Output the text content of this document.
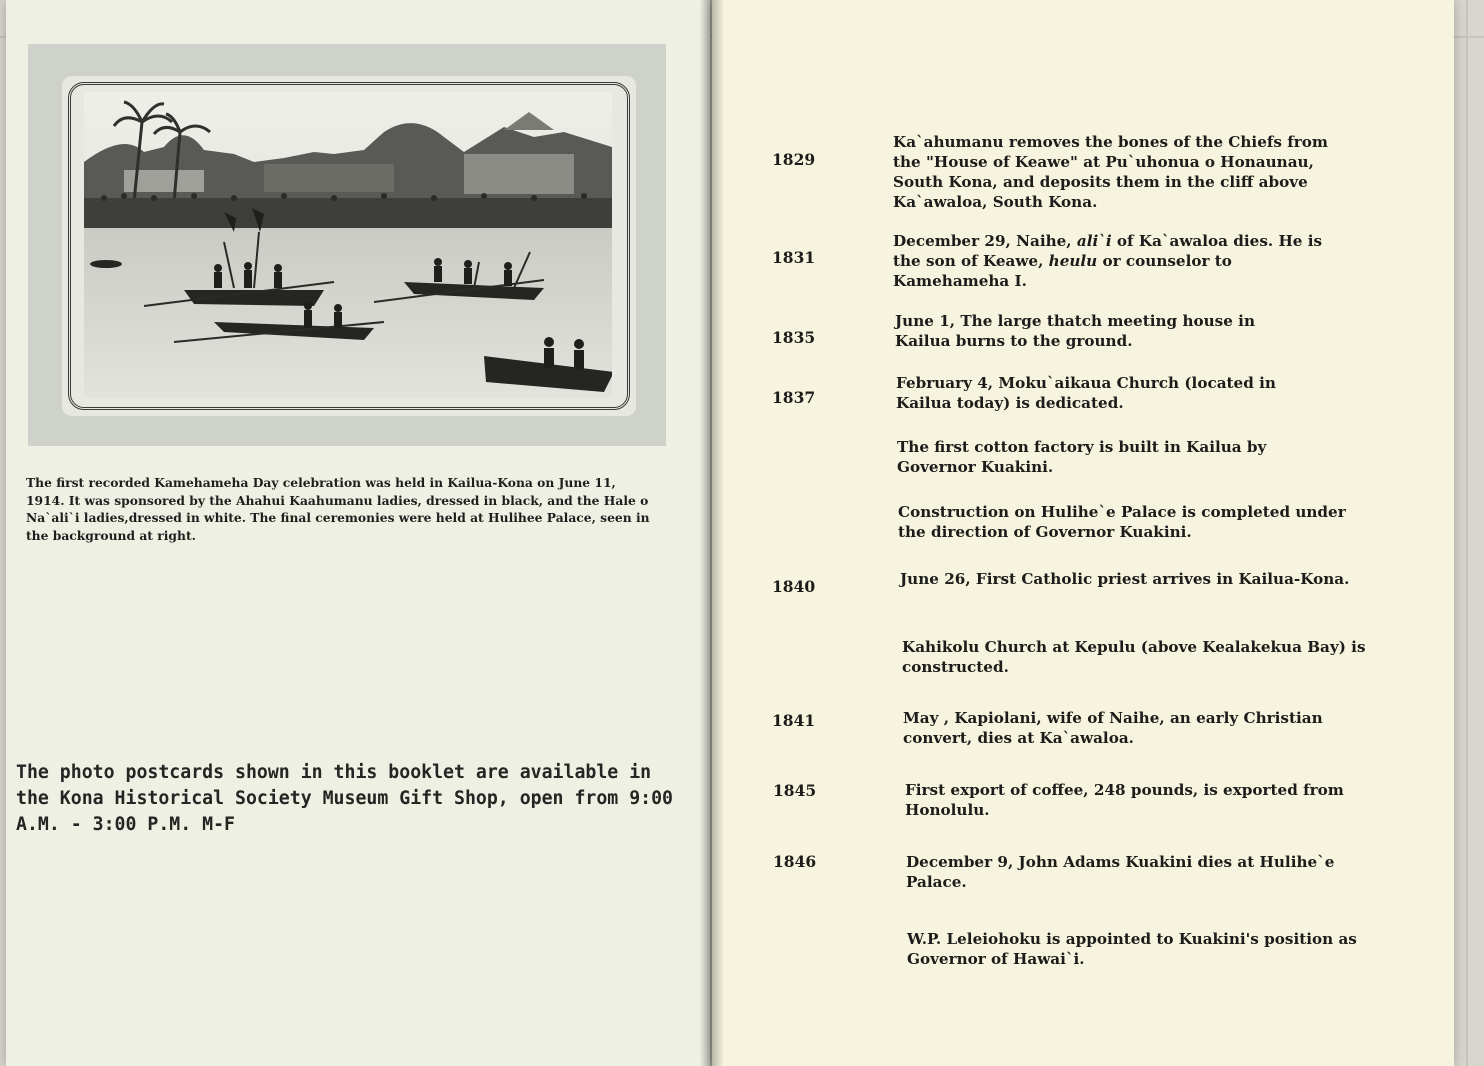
The first recorded Kamehameha Day celebration was held in Kailua-Kona on June 11, 1914. It was sponsored by the Ahahui Kaahumanu ladies, dressed in black, and the Hale o Na`ali`i ladies,dressed in white. The final ceremonies were held at Hulihee Palace, seen in the background at right.
The photo postcards shown in this booklet are available in the Kona Historical Society Museum Gift Shop, open from 9:00 A.M. - 3:00 P.M. M-F
1829
Ka`ahumanu removes the bones of the Chiefs from the "House of Keawe" at Pu`uhonua o Honaunau, South Kona, and deposits them in the cliff above Ka`awaloa, South Kona.
1831
December 29, Naihe, ali`i of Ka`awaloa dies. He is the son of Keawe, heulu or counselor to Kamehameha I.
1835
June 1, The large thatch meeting house in Kailua burns to the ground.
1837
February 4, Moku`aikaua Church (located in Kailua today) is dedicated.
The first cotton factory is built in Kailua by Governor Kuakini.
Construction on Hulihe`e Palace is completed under the direction of Governor Kuakini.
1840	June 26, First Catholic priest arrives in Kailua-Kona.
Kahikolu Church at Kepulu (above Kealakekua Bay) is constructed.
1841	May , Kapiolani, wife of Naihe, an early Christian convert, dies at Ka`awaloa.
1845	First export of coffee, 248 pounds, is exported from Honolulu.
1846	December 9, John Adams Kuakini dies at Hulihe`e Palace.
W.P. Leleiohoku is appointed to Kuakini's position as Governor of Hawai`i.
